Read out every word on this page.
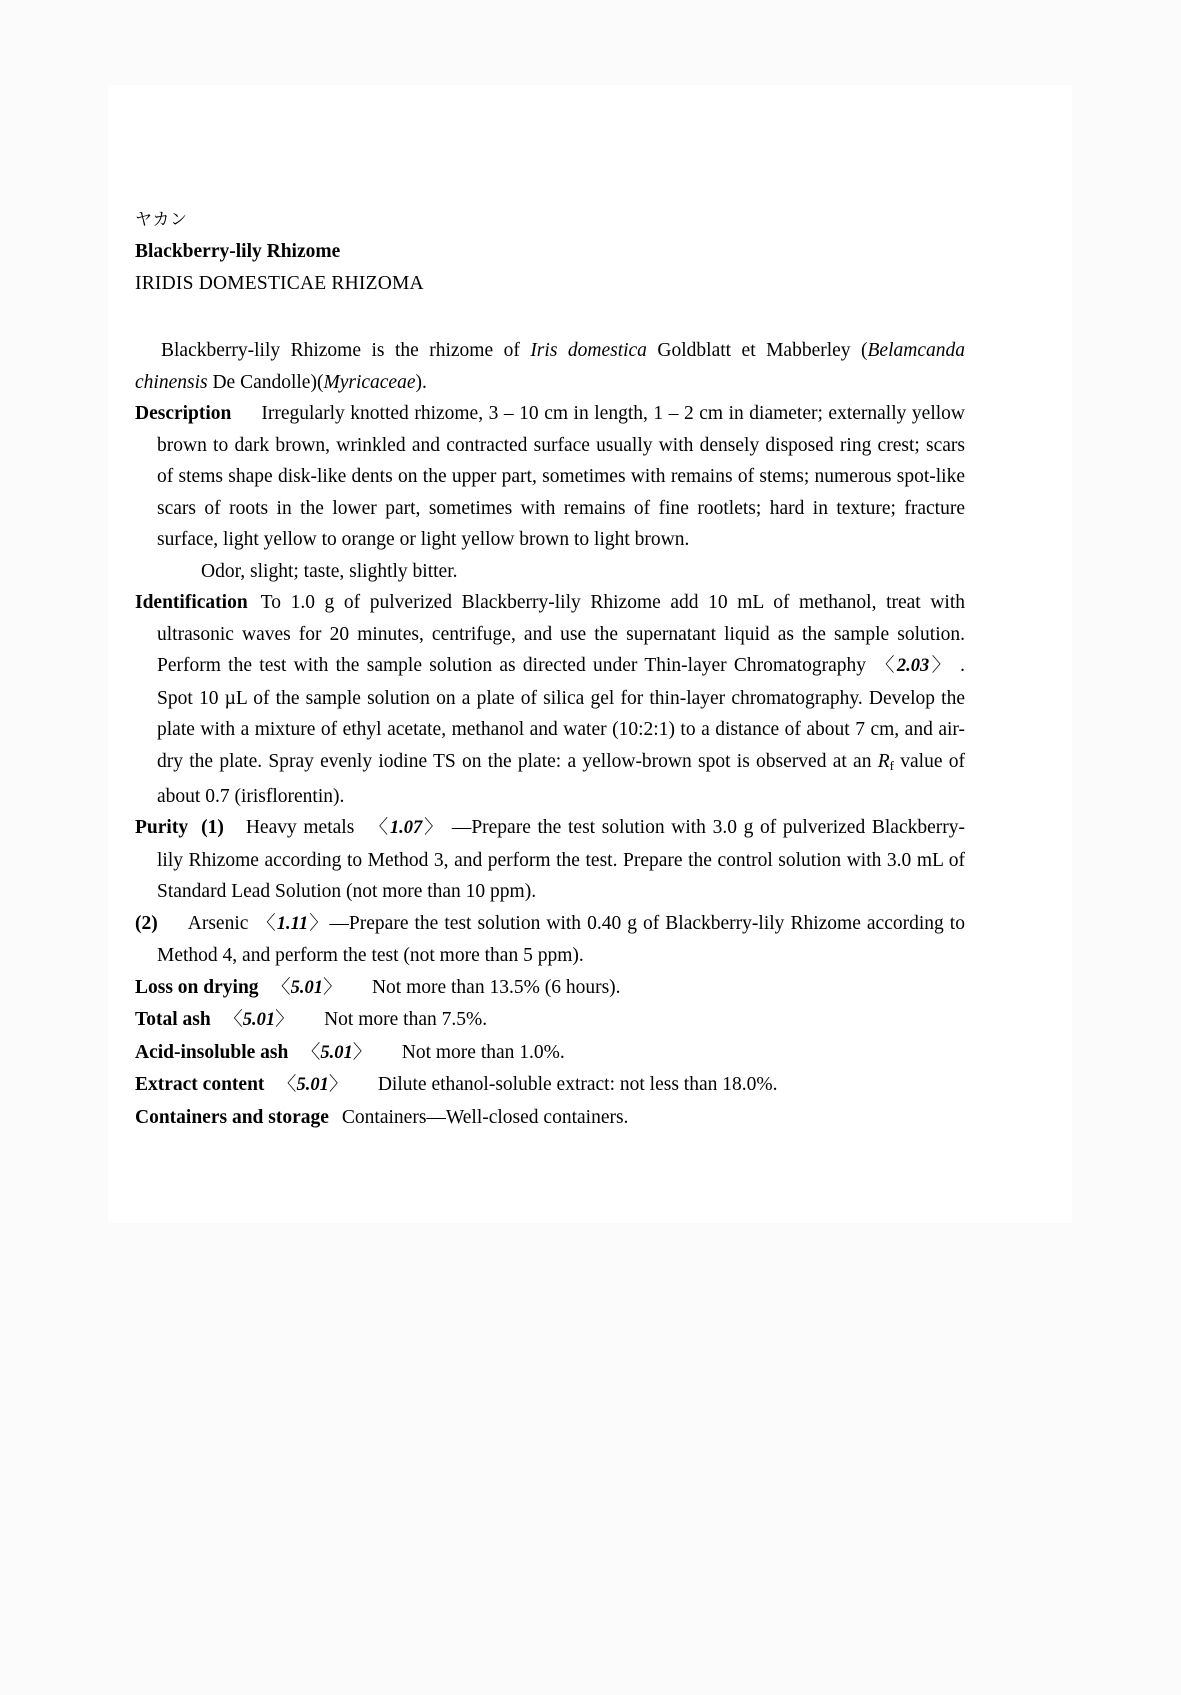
ヤカン

Blackberry-lily Rhizome

IRIDIS DOMESTICAE RHIZOMA

Blackberry-lily Rhizome is the rhizome of Iris domestica Goldblatt et Mabberley (Belamcanda chinensis De Candolle)(Myricaceae).

Description Irregularly knotted rhizome, 3 – 10 cm in length, 1 – 2 cm in diameter; externally yellow brown to dark brown, wrinkled and contracted surface usually with densely disposed ring crest; scars of stems shape disk-like dents on the upper part, sometimes with remains of stems; numerous spot-like scars of roots in the lower part, sometimes with remains of fine rootlets; hard in texture; fracture surface, light yellow to orange or light yellow brown to light brown.

Odor, slight; taste, slightly bitter.

Identification To 1.0 g of pulverized Blackberry-lily Rhizome add 10 mL of methanol, treat with ultrasonic waves for 20 minutes, centrifuge, and use the supernatant liquid as the sample solution. Perform the test with the sample solution as directed under Thin-layer Chromatography 〈2.03〉 . Spot 10 µL of the sample solution on a plate of silica gel for thin-layer chromatography. Develop the plate with a mixture of ethyl acetate, methanol and water (10:2:1) to a distance of about 7 cm, and air-dry the plate. Spray evenly iodine TS on the plate: a yellow-brown spot is observed at an $R_f$ value of about 0.7 (irisflorentin).

Purity (1) Heavy metals 〈1.07〉 —Prepare the test solution with 3.0 g of pulverized Blackberry-lily Rhizome according to Method 3, and perform the test. Prepare the control solution with 3.0 mL of Standard Lead Solution (not more than 10 ppm).

(2) Arsenic 〈1.11〉—Prepare the test solution with 0.40 g of Blackberry-lily Rhizome according to Method 4, and perform the test (not more than 5 ppm).

Loss on drying 〈5.01〉 Not more than 13.5% (6 hours).

Total ash 〈5.01〉 Not more than 7.5%.

Acid-insoluble ash 〈5.01〉 Not more than 1.0%.

Extract content 〈5.01〉 Dilute ethanol-soluble extract: not less than 18.0%.

Containers and storage Containers—Well-closed containers.
